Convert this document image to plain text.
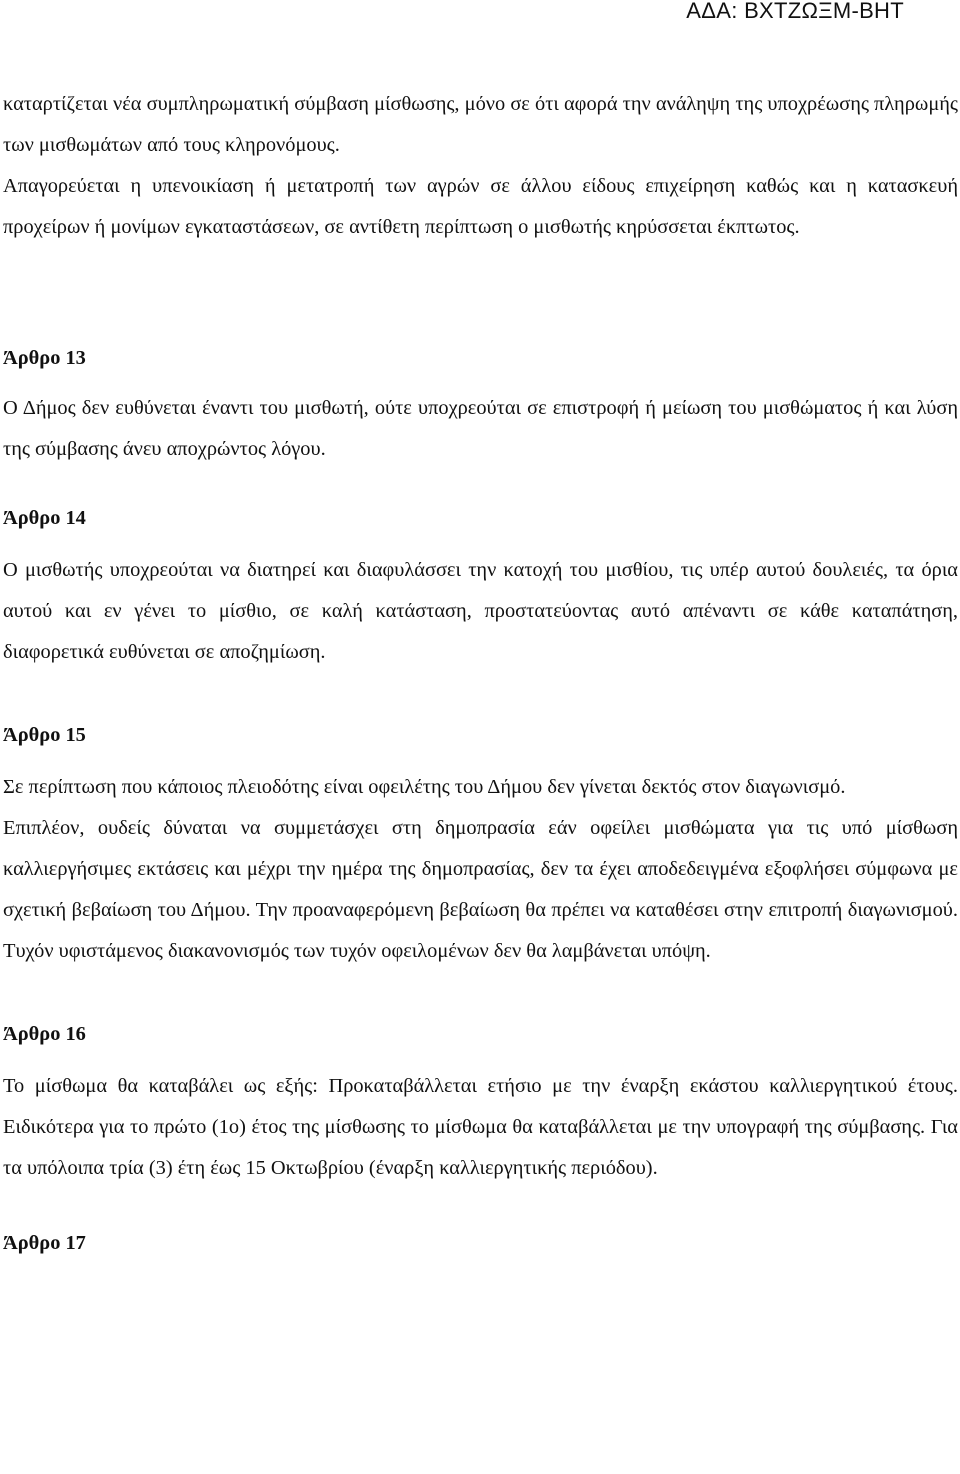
ΑΔΑ: ΒΧΤΖΩΞΜ-ΒΗΤ

καταρτίζεται νέα συμπληρωματική σύμβαση μίσθωσης, μόνο σε ότι αφορά την ανάληψη της υποχρέωσης πληρωμής των μισθωμάτων από τους κληρονόμους.

Απαγορεύεται η υπενοικίαση ή μετατροπή των αγρών σε άλλου είδους επιχείρηση καθώς και η κατασκευή προχείρων ή μονίμων εγκαταστάσεων, σε αντίθετη περίπτωση ο μισθωτής κηρύσσεται έκπτωτος.

Άρθρο 13

Ο Δήμος δεν ευθύνεται έναντι του μισθωτή, ούτε υποχρεούται σε επιστροφή ή μείωση του μισθώματος ή και λύση της σύμβασης άνευ αποχρώντος λόγου.

Άρθρο 14

Ο μισθωτής υποχρεούται να διατηρεί και διαφυλάσσει την κατοχή του μισθίου, τις υπέρ αυτού δουλειές, τα όρια αυτού και εν γένει το μίσθιο, σε καλή κατάσταση, προστατεύοντας αυτό απέναντι σε κάθε καταπάτηση, διαφορετικά ευθύνεται σε αποζημίωση.

Άρθρο 15

Σε περίπτωση που κάποιος πλειοδότης είναι οφειλέτης του Δήμου δεν γίνεται δεκτός στον διαγωνισμό.

Επιπλέον, ουδείς δύναται να συμμετάσχει στη δημοπρασία εάν οφείλει μισθώματα για τις υπό μίσθωση καλλιεργήσιμες εκτάσεις και μέχρι την ημέρα της δημοπρασίας, δεν τα έχει αποδεδειγμένα εξοφλήσει σύμφωνα με σχετική βεβαίωση του Δήμου. Την προαναφερόμενη βεβαίωση θα πρέπει να καταθέσει στην επιτροπή διαγωνισμού. Τυχόν υφιστάμενος διακανονισμός των τυχόν οφειλομένων δεν θα λαμβάνεται υπόψη.

Άρθρο 16

Το μίσθωμα θα καταβάλει ως εξής: Προκαταβάλλεται ετήσιο με την έναρξη εκάστου καλλιεργητικού έτους. Ειδικότερα για το πρώτο (1ο) έτος της μίσθωσης το μίσθωμα θα καταβάλλεται με την υπογραφή της σύμβασης. Για τα υπόλοιπα τρία (3) έτη έως 15 Οκτωβρίου (έναρξη καλλιεργητικής περιόδου).

Άρθρο 17
